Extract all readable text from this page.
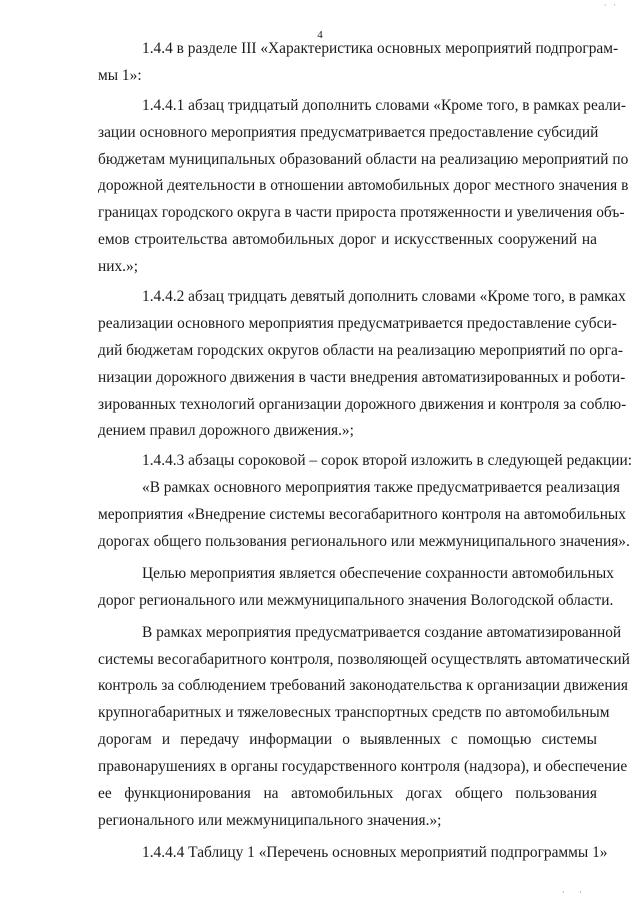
· ·
4
1.4.4 в разделе III «Характеристика основных мероприятий подпрограм-
мы 1»:
1.4.4.1 абзац тридцатый дополнить словами «Кроме того, в рамках реали-
зации основного мероприятия предусматривается предоставление субсидий
бюджетам муниципальных образований области на реализацию мероприятий по
дорожной деятельности в отношении автомобильных дорог местного значения в
границах городского округа в части прироста протяженности и увеличения объ-
емов строительства автомобильных дорог и искусственных сооружений на
них.»;
1.4.4.2 абзац тридцать девятый дополнить словами «Кроме того, в рамках
реализации основного мероприятия предусматривается предоставление субси-
дий бюджетам городских округов области на реализацию мероприятий по орга-
низации дорожного движения в части внедрения автоматизированных и роботи-
зированных технологий организации дорожного движения и контроля за соблю-
дением правил дорожного движения.»;
1.4.4.3 абзацы сороковой – сорок второй изложить в следующей редакции:
«В рамках основного мероприятия также предусматривается реализация
мероприятия «Внедрение системы весогабаритного контроля на автомобильных
дорогах общего пользования регионального или межмуниципального значения».
Целью мероприятия является обеспечение сохранности автомобильных
дорог регионального или межмуниципального значения Вологодской области.
В рамках мероприятия предусматривается создание автоматизированной
системы весогабаритного контроля, позволяющей осуществлять автоматический
контроль за соблюдением требований законодательства к организации движения
крупногабаритных и тяжеловесных транспортных средств по автомобильным
дорогам и передачу информации о выявленных с помощью системы
правонарушениях в органы государственного контроля (надзора), и обеспечение
ее функционирования на автомобильных догах общего пользования
регионального или межмуниципального значения.»;
1.4.4.4 Таблицу 1 «Перечень основных мероприятий подпрограммы 1»
· ·
